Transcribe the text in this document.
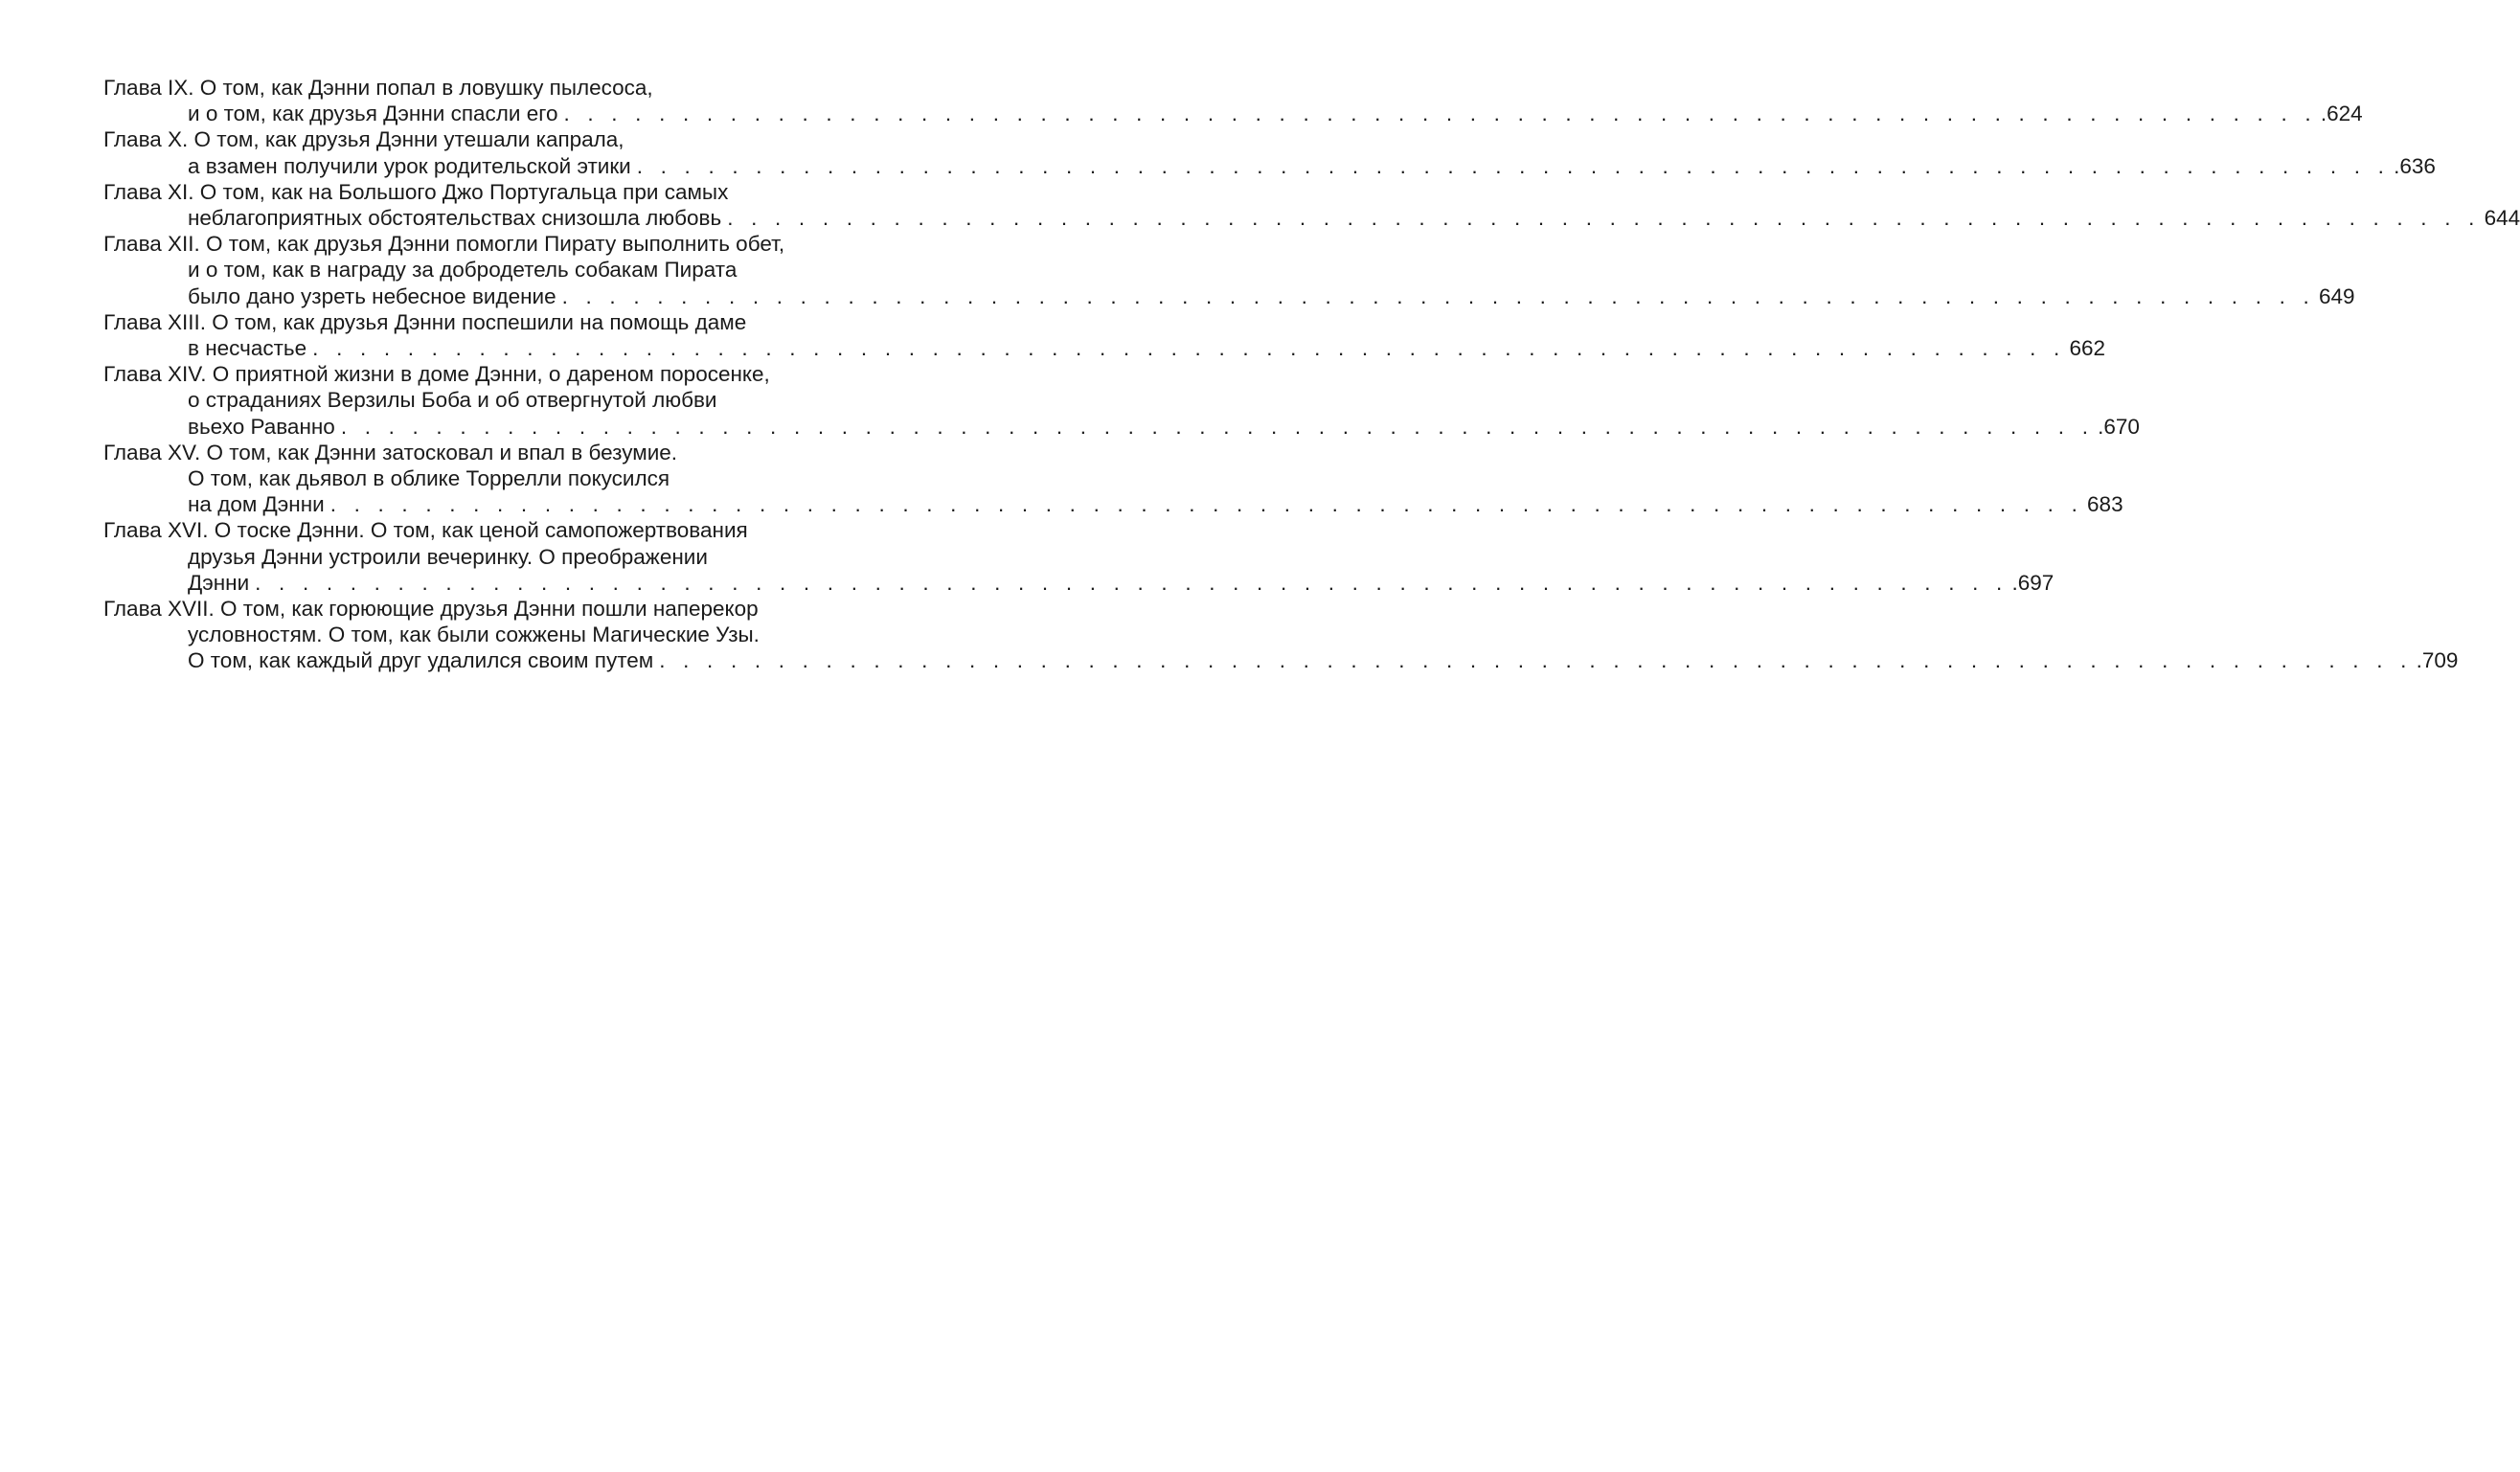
Глава IX. О том, как Дэнни попал в ловушку пылесоса,
и о том, как друзья Дэнни спасли его . . . . . . . . . . . . . . . . . . . . . . . . . . . . . . . . . . . . . . . . . . . . . . . . . . . . . . . . . . . . . . . . . . . . . . . . . . .624
Глава X. О том, как друзья Дэнни утешали капрала,
а взамен получили урок родительской этики . . . . . . . . . . . . . . . . . . . . . . . . . . . . . . . . . . . . . . . . . . . . . . . . . . . . . . . . . . . . . . . . . . . . . . . . . . .636
Глава XI. О том, как на Большого Джо Португальца при самых
неблагоприятных обстоятельствах снизошла любовь . . . . . . . . . . . . . . . . . . . . . . . . . . . . . . . . . . . . . . . . . . . . . . . . . . . . . . . . . . . . . . . . . . . . . . . . . . 644
Глава XII. О том, как друзья Дэнни помогли Пирату выполнить обет,
и о том, как в награду за добродетель собакам Пирата
было дано узреть небесное видение . . . . . . . . . . . . . . . . . . . . . . . . . . . . . . . . . . . . . . . . . . . . . . . . . . . . . . . . . . . . . . . . . . . . . . . . . . 649
Глава XIII. О том, как друзья Дэнни поспешили на помощь даме
в несчастье . . . . . . . . . . . . . . . . . . . . . . . . . . . . . . . . . . . . . . . . . . . . . . . . . . . . . . . . . . . . . . . . . . . . . . . . . . 662
Глава XIV. О приятной жизни в доме Дэнни, о дареном поросенке,
о страданиях Верзилы Боба и об отвергнутой любви
вьехо Раванно . . . . . . . . . . . . . . . . . . . . . . . . . . . . . . . . . . . . . . . . . . . . . . . . . . . . . . . . . . . . . . . . . . . . . . . . . . .670
Глава XV. О том, как Дэнни затосковал и впал в безумие.
О том, как дьявол в облике Торрелли покусился
на дом Дэнни . . . . . . . . . . . . . . . . . . . . . . . . . . . . . . . . . . . . . . . . . . . . . . . . . . . . . . . . . . . . . . . . . . . . . . . . . . 683
Глава XVI. О тоске Дэнни. О том, как ценой самопожертвования
друзья Дэнни устроили вечеринку. О преображении
Дэнни . . . . . . . . . . . . . . . . . . . . . . . . . . . . . . . . . . . . . . . . . . . . . . . . . . . . . . . . . . . . . . . . . . . . . . . . . . .697
Глава XVII. О том, как горюющие друзья Дэнни пошли наперекор
условностям. О том, как были сожжены Магические Узы.
О том, как каждый друг удалился своим путем . . . . . . . . . . . . . . . . . . . . . . . . . . . . . . . . . . . . . . . . . . . . . . . . . . . . . . . . . . . . . . . . . . . . . . . . . . .709
